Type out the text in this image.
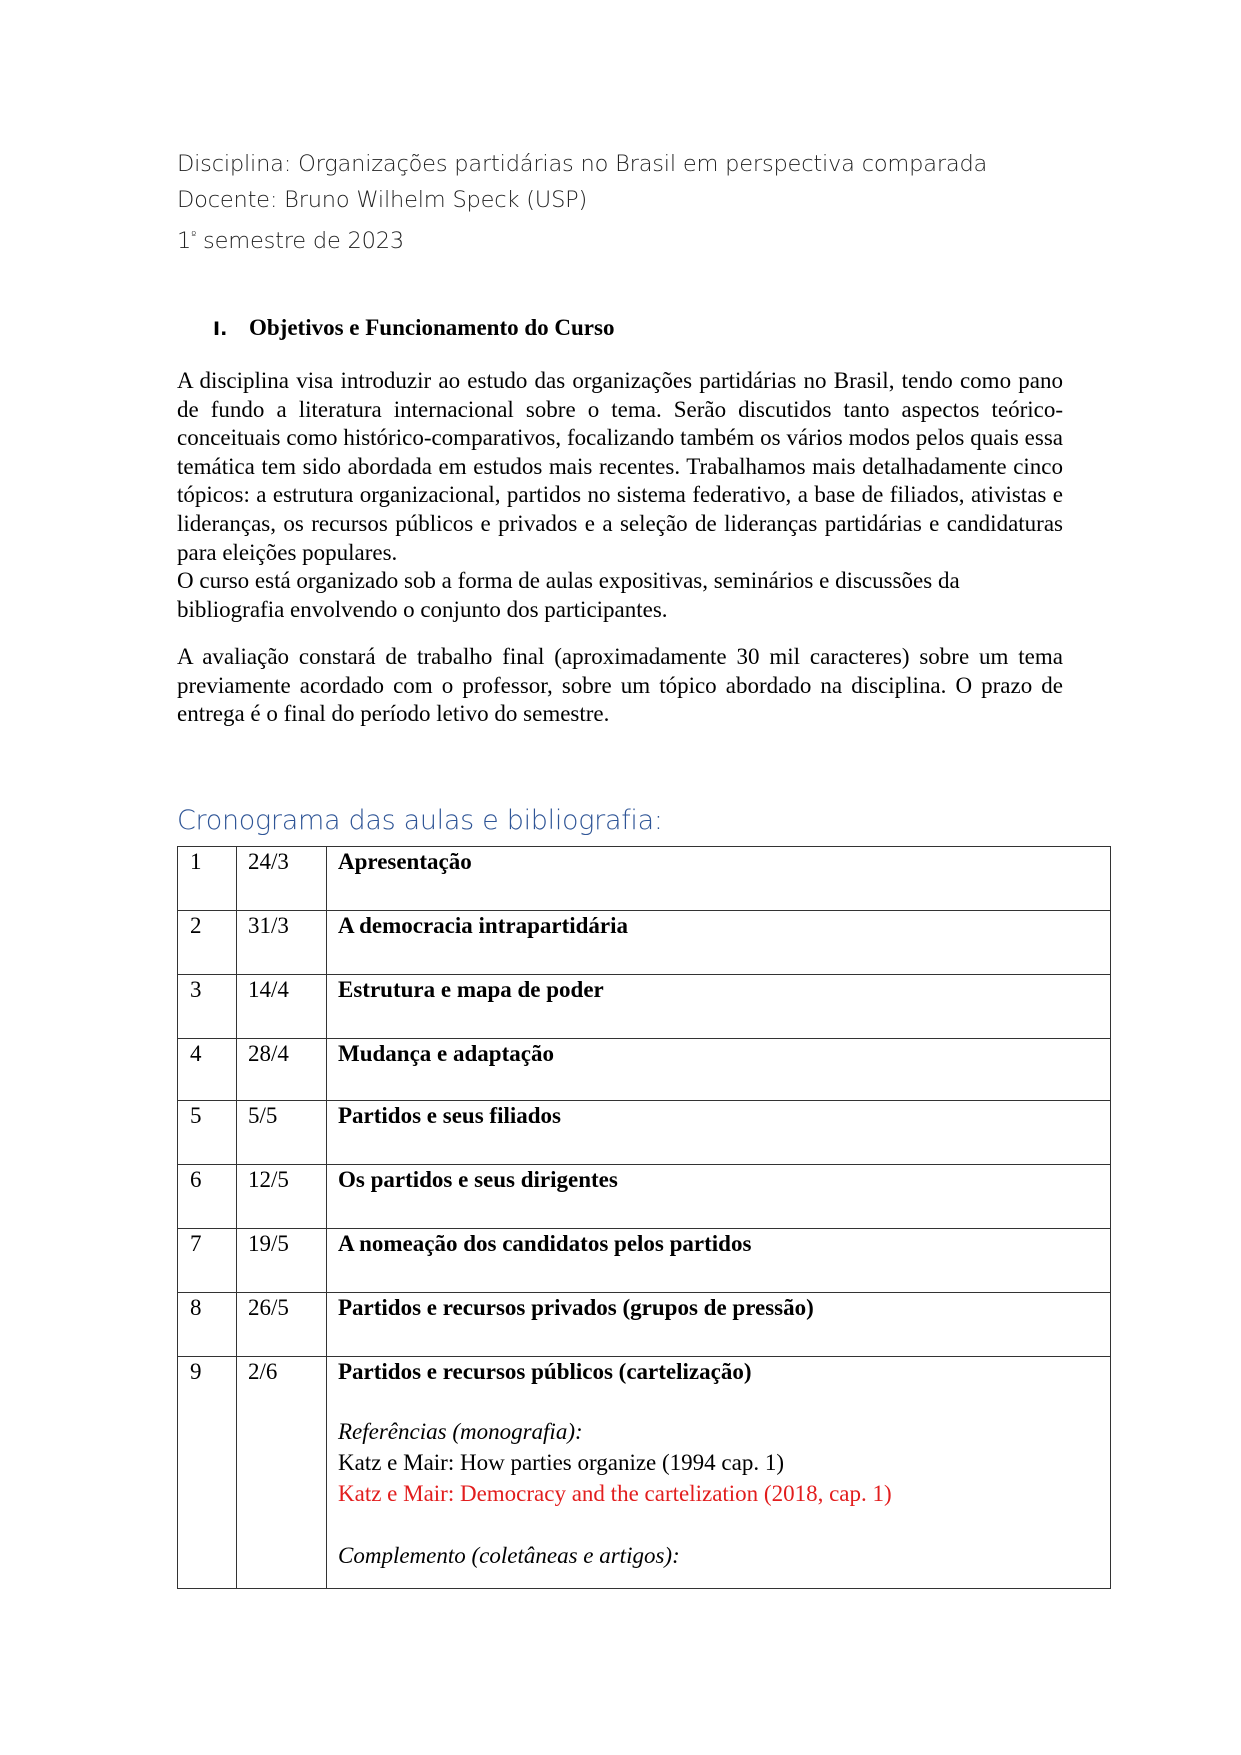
Disciplina: Organizações partidárias no Brasil em perspectiva comparada
Docente: Bruno Wilhelm Speck (USP)
$1^º$ semestre de 2023
I. Objetivos e Funcionamento do Curso

A disciplina visa introduzir ao estudo das organizações partidárias no Brasil, tendo como pano de fundo a literatura internacional sobre o tema. Serão discutidos tanto aspectos teórico-conceituais como histórico-comparativos, focalizando também os vários modos pelos quais essa temática tem sido abordada em estudos mais recentes. Trabalhamos mais detalhadamente cinco tópicos: a estrutura organizacional, partidos no sistema federativo, a base de filiados, ativistas e lideranças, os recursos públicos e privados e a seleção de lideranças partidárias e candidaturas para eleições populares.

O curso está organizado sob a forma de aulas expositivas, seminários e discussões da bibliografia envolvendo o conjunto dos participantes.

A avaliação constará de trabalho final (aproximadamente 30 mil caracteres) sobre um tema previamente acordado com o professor, sobre um tópico abordado na disciplina. O prazo de entrega é o final do período letivo do semestre.

Cronograma das aulas e bibliografia:
1	24/3	Apresentação

2	31/3	A democracia intrapartidária

3	14/4	Estrutura e mapa de poder

4	28/4	Mudança e adaptação

5	5/5	Partidos e seus filiados

6	12/5	Os partidos e seus dirigentes

7	19/5	A nomeação dos candidatos pelos partidos

8	26/5	Partidos e recursos privados (grupos de pressão)

9	2/6	Partidos e recursos públicos (cartelização)
Referências (monografia):
Katz e Mair: How parties organize (1994 cap. 1)
Katz e Mair: Democracy and the cartelization (2018, cap. 1)
Complemento (coletâneas e artigos):
